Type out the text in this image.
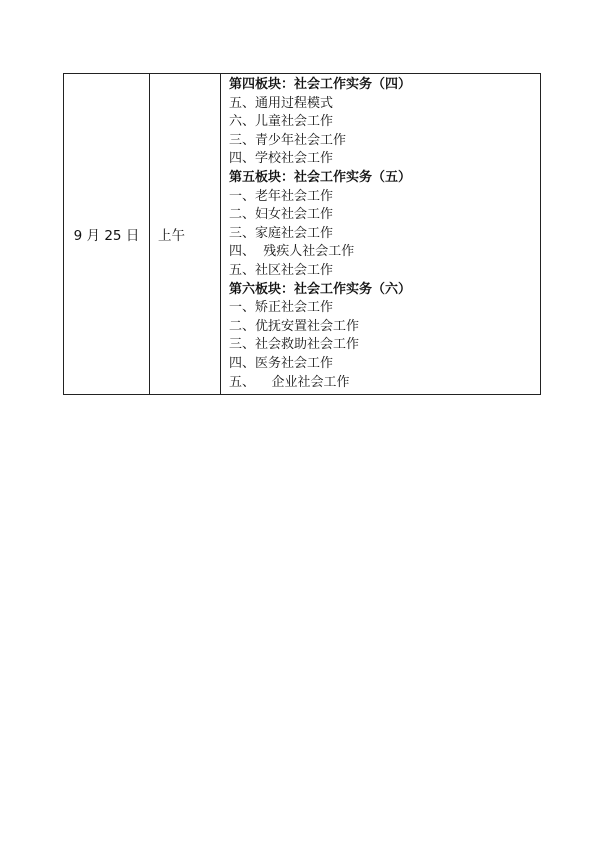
9 月 25 日	上午	
第四板块：社会工作实务（四）
五、通用过程模式
六、儿童社会工作
三、青少年社会工作
四、学校社会工作
第五板块：社会工作实务（五）
一、老年社会工作
二、妇女社会工作
三、家庭社会工作
四、  残疾人社会工作
五、社区社会工作
第六板块：社会工作实务（六）
一、矫正社会工作
二、优抚安置社会工作
三、社会救助社会工作
四、医务社会工作
五、    企业社会工作
